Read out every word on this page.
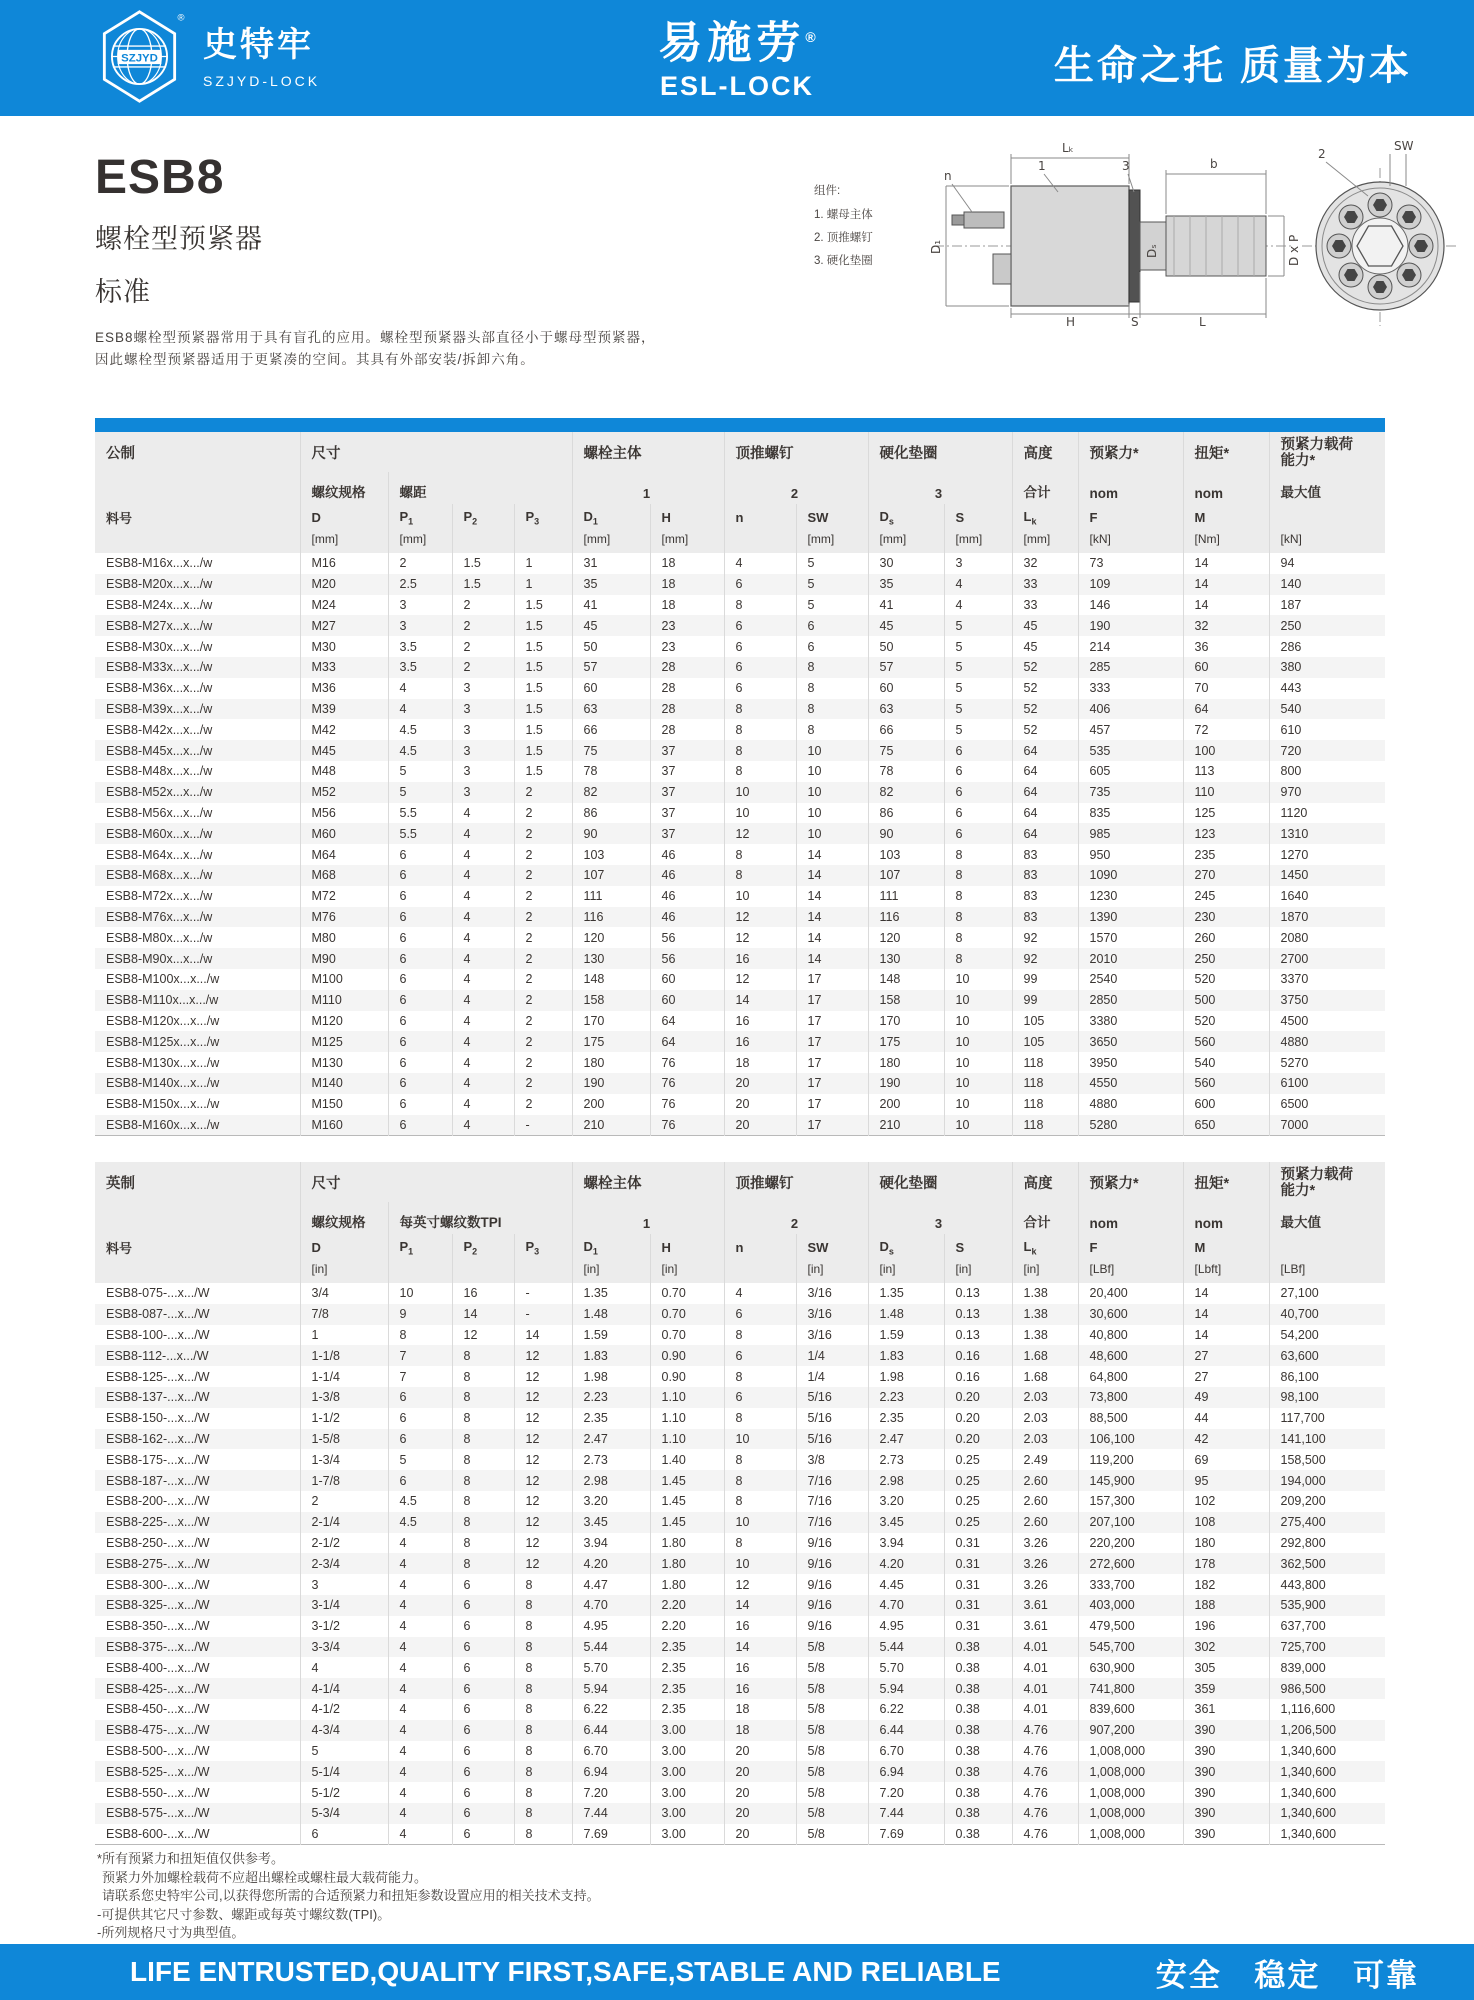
SZJYD
®
史特牢
SZJYD-LOCK
易施劳®
ESL-LOCK	生命之托 质量为本
ESB8
螺栓型预紧器
标准
ESB8螺栓型预紧器常用于具有盲孔的应用。螺栓型预紧器头部直径小于螺母型预紧器，
因此螺栓型预紧器适用于更紧凑的空间。其具有外部安装/拆卸六角。
组件:
1. 螺母主体
2. 顶推螺钉
3. 硬化垫圈
Lₖ
b
n
1	3
D₁	Dₛ	D x P
H	S	L
2
SW
公制	尺寸				螺栓主体		顶推螺钉		硬化垫圈		高度	预紧力*	扭矩*	预紧力载荷
能力*
	螺纹规格	螺距			1		2		3		合计	nom	nom	最大值
料号	D	$P_1$	$P_2$	$P_3$	$D_1$	H	n	SW	$D_s$	S	$L_k$	F	M	
	[mm]	[mm]			[mm]	[mm]		[mm]	[mm]	[mm]	[mm]	[kN]	[Nm]	[kN]
ESB8-M16x...x.../w	M16	2	1.5	1	31	18	4	5	30	3	32	73	14	94
ESB8-M20x...x.../w	M20	2.5	1.5	1	35	18	6	5	35	4	33	109	14	140
ESB8-M24x...x.../w	M24	3	2	1.5	41	18	8	5	41	4	33	146	14	187
ESB8-M27x...x.../w	M27	3	2	1.5	45	23	6	6	45	5	45	190	32	250
ESB8-M30x...x.../w	M30	3.5	2	1.5	50	23	6	6	50	5	45	214	36	286
ESB8-M33x...x.../w	M33	3.5	2	1.5	57	28	6	8	57	5	52	285	60	380
ESB8-M36x...x.../w	M36	4	3	1.5	60	28	6	8	60	5	52	333	70	443
ESB8-M39x...x.../w	M39	4	3	1.5	63	28	8	8	63	5	52	406	64	540
ESB8-M42x...x.../w	M42	4.5	3	1.5	66	28	8	8	66	5	52	457	72	610
ESB8-M45x...x.../w	M45	4.5	3	1.5	75	37	8	10	75	6	64	535	100	720
ESB8-M48x...x.../w	M48	5	3	1.5	78	37	8	10	78	6	64	605	113	800
ESB8-M52x...x.../w	M52	5	3	2	82	37	10	10	82	6	64	735	110	970
ESB8-M56x...x.../w	M56	5.5	4	2	86	37	10	10	86	6	64	835	125	1120
ESB8-M60x...x.../w	M60	5.5	4	2	90	37	12	10	90	6	64	985	123	1310
ESB8-M64x...x.../w	M64	6	4	2	103	46	8	14	103	8	83	950	235	1270
ESB8-M68x...x.../w	M68	6	4	2	107	46	8	14	107	8	83	1090	270	1450
ESB8-M72x...x.../w	M72	6	4	2	111	46	10	14	111	8	83	1230	245	1640
ESB8-M76x...x.../w	M76	6	4	2	116	46	12	14	116	8	83	1390	230	1870
ESB8-M80x...x.../w	M80	6	4	2	120	56	12	14	120	8	92	1570	260	2080
ESB8-M90x...x.../w	M90	6	4	2	130	56	16	14	130	8	92	2010	250	2700
ESB8-M100x...x.../w	M100	6	4	2	148	60	12	17	148	10	99	2540	520	3370
ESB8-M110x...x.../w	M110	6	4	2	158	60	14	17	158	10	99	2850	500	3750
ESB8-M120x...x.../w	M120	6	4	2	170	64	16	17	170	10	105	3380	520	4500
ESB8-M125x...x.../w	M125	6	4	2	175	64	16	17	175	10	105	3650	560	4880
ESB8-M130x...x.../w	M130	6	4	2	180	76	18	17	180	10	118	3950	540	5270
ESB8-M140x...x.../w	M140	6	4	2	190	76	20	17	190	10	118	4550	560	6100
ESB8-M150x...x.../w	M150	6	4	2	200	76	20	17	200	10	118	4880	600	6500
ESB8-M160x...x.../w	M160	6	4	-	210	76	20	17	210	10	118	5280	650	7000
英制	尺寸				螺栓主体		顶推螺钉		硬化垫圈		高度	预紧力*	扭矩*	预紧力载荷
能力*
	螺纹规格	每英寸螺纹数TPI			1		2		3		合计	nom	nom	最大值
料号	D	$P_1$	$P_2$	$P_3$	$D_1$	H	n	SW	$D_s$	S	$L_k$	F	M	
	[in]				[in]	[in]		[in]	[in]	[in]	[in]	[LBf]	[Lbft]	[LBf]
ESB8-075-...x.../W	3/4	10	16	-	1.35	0.70	4	3/16	1.35	0.13	1.38	20,400	14	27,100
ESB8-087-...x.../W	7/8	9	14	-	1.48	0.70	6	3/16	1.48	0.13	1.38	30,600	14	40,700
ESB8-100-...x.../W	1	8	12	14	1.59	0.70	8	3/16	1.59	0.13	1.38	40,800	14	54,200
ESB8-112-...x.../W	1-1/8	7	8	12	1.83	0.90	6	1/4	1.83	0.16	1.68	48,600	27	63,600
ESB8-125-...x.../W	1-1/4	7	8	12	1.98	0.90	8	1/4	1.98	0.16	1.68	64,800	27	86,100
ESB8-137-...x.../W	1-3/8	6	8	12	2.23	1.10	6	5/16	2.23	0.20	2.03	73,800	49	98,100
ESB8-150-...x.../W	1-1/2	6	8	12	2.35	1.10	8	5/16	2.35	0.20	2.03	88,500	44	117,700
ESB8-162-...x.../W	1-5/8	6	8	12	2.47	1.10	10	5/16	2.47	0.20	2.03	106,100	42	141,100
ESB8-175-...x.../W	1-3/4	5	8	12	2.73	1.40	8	3/8	2.73	0.25	2.49	119,200	69	158,500
ESB8-187-...x.../W	1-7/8	6	8	12	2.98	1.45	8	7/16	2.98	0.25	2.60	145,900	95	194,000
ESB8-200-...x.../W	2	4.5	8	12	3.20	1.45	8	7/16	3.20	0.25	2.60	157,300	102	209,200
ESB8-225-...x.../W	2-1/4	4.5	8	12	3.45	1.45	10	7/16	3.45	0.25	2.60	207,100	108	275,400
ESB8-250-...x.../W	2-1/2	4	8	12	3.94	1.80	8	9/16	3.94	0.31	3.26	220,200	180	292,800
ESB8-275-...x.../W	2-3/4	4	8	12	4.20	1.80	10	9/16	4.20	0.31	3.26	272,600	178	362,500
ESB8-300-...x.../W	3	4	6	8	4.47	1.80	12	9/16	4.45	0.31	3.26	333,700	182	443,800
ESB8-325-...x.../W	3-1/4	4	6	8	4.70	2.20	14	9/16	4.70	0.31	3.61	403,000	188	535,900
ESB8-350-...x.../W	3-1/2	4	6	8	4.95	2.20	16	9/16	4.95	0.31	3.61	479,500	196	637,700
ESB8-375-...x.../W	3-3/4	4	6	8	5.44	2.35	14	5/8	5.44	0.38	4.01	545,700	302	725,700
ESB8-400-...x.../W	4	4	6	8	5.70	2.35	16	5/8	5.70	0.38	4.01	630,900	305	839,000
ESB8-425-...x.../W	4-1/4	4	6	8	5.94	2.35	16	5/8	5.94	0.38	4.01	741,800	359	986,500
ESB8-450-...x.../W	4-1/2	4	6	8	6.22	2.35	18	5/8	6.22	0.38	4.01	839,600	361	1,116,600
ESB8-475-...x.../W	4-3/4	4	6	8	6.44	3.00	18	5/8	6.44	0.38	4.76	907,200	390	1,206,500
ESB8-500-...x.../W	5	4	6	8	6.70	3.00	20	5/8	6.70	0.38	4.76	1,008,000	390	1,340,600
ESB8-525-...x.../W	5-1/4	4	6	8	6.94	3.00	20	5/8	6.94	0.38	4.76	1,008,000	390	1,340,600
ESB8-550-...x.../W	5-1/2	4	6	8	7.20	3.00	20	5/8	7.20	0.38	4.76	1,008,000	390	1,340,600
ESB8-575-...x.../W	5-3/4	4	6	8	7.44	3.00	20	5/8	7.44	0.38	4.76	1,008,000	390	1,340,600
ESB8-600-...x.../W	6	4	6	8	7.69	3.00	20	5/8	7.69	0.38	4.76	1,008,000	390	1,340,600
*所有预紧力和扭矩值仅供参考。
预紧力外加螺栓载荷不应超出螺栓或螺柱最大载荷能力。
请联系您史特牢公司,以获得您所需的合适预紧力和扭矩参数设置应用的相关技术支持。
-可提供其它尺寸参数、螺距或每英寸螺纹数(TPI)。
-所列规格尺寸为典型值。
LIFE ENTRUSTED,QUALITY FIRST,SAFE,STABLE AND RELIABLE	安全 稳定 可靠
